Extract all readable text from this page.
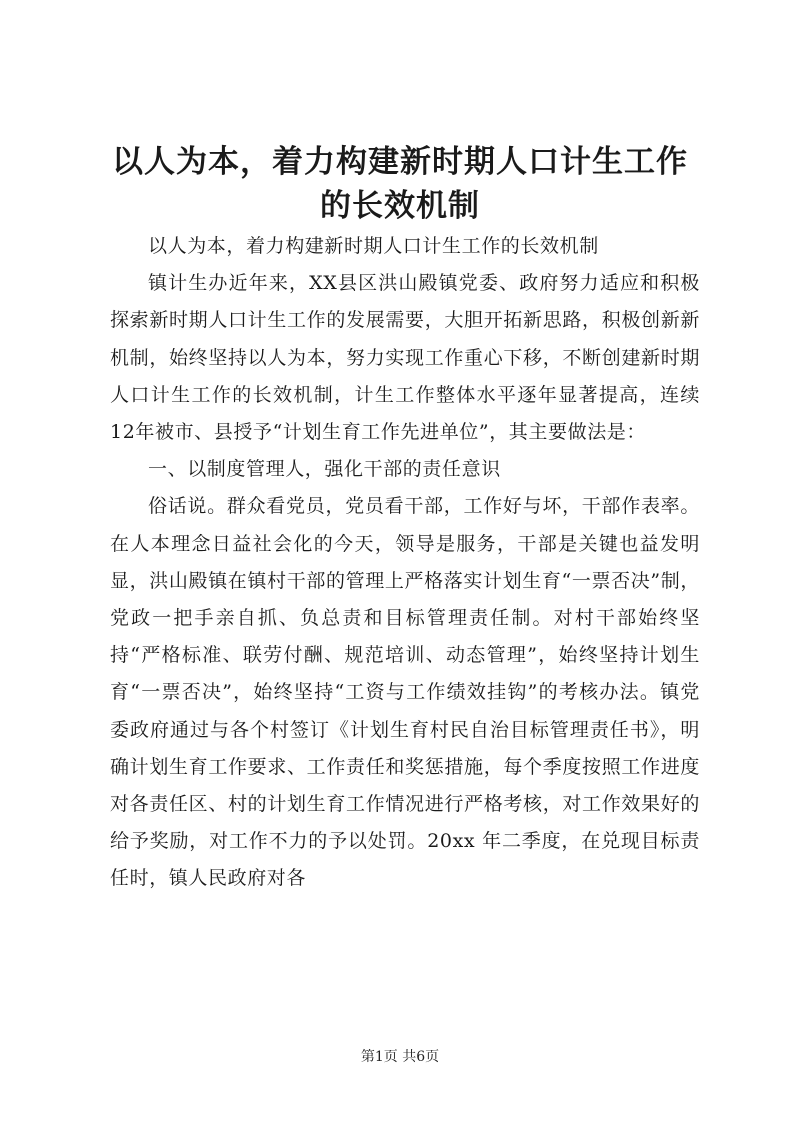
以人为本，着力构建新时期人口计生工作的长效机制

以人为本，着力构建新时期人口计生工作的长效机制

镇计生办近年来，XX县区洪山殿镇党委、政府努力适应和积极探索新时期人口计生工作的发展需要，大胆开拓新思路，积极创新新机制，始终坚持以人为本，努力实现工作重心下移，不断创建新时期人口计生工作的长效机制，计生工作整体水平逐年显著提高，连续12年被市、县授予“计划生育工作先进单位”，其主要做法是：

一、以制度管理人，强化干部的责任意识

俗话说。群众看党员，党员看干部，工作好与坏，干部作表率。在人本理念日益社会化的今天，领导是服务，干部是关键也益发明显，洪山殿镇在镇村干部的管理上严格落实计划生育“一票否决”制，党政一把手亲自抓、负总责和目标管理责任制。对村干部始终坚持“严格标准、联劳付酬、规范培训、动态管理”，始终坚持计划生育“一票否决”，始终坚持“工资与工作绩效挂钩”的考核办法。镇党委政府通过与各个村签订《计划生育村民自治目标管理责任书》，明确计划生育工作要求、工作责任和奖惩措施，每个季度按照工作进度对各责任区、村的计划生育工作情况进行严格考核，对工作效果好的给予奖励，对工作不力的予以处罚。20xx 年二季度，在兑现目标责任时，镇人民政府对各

第1页 共6页
